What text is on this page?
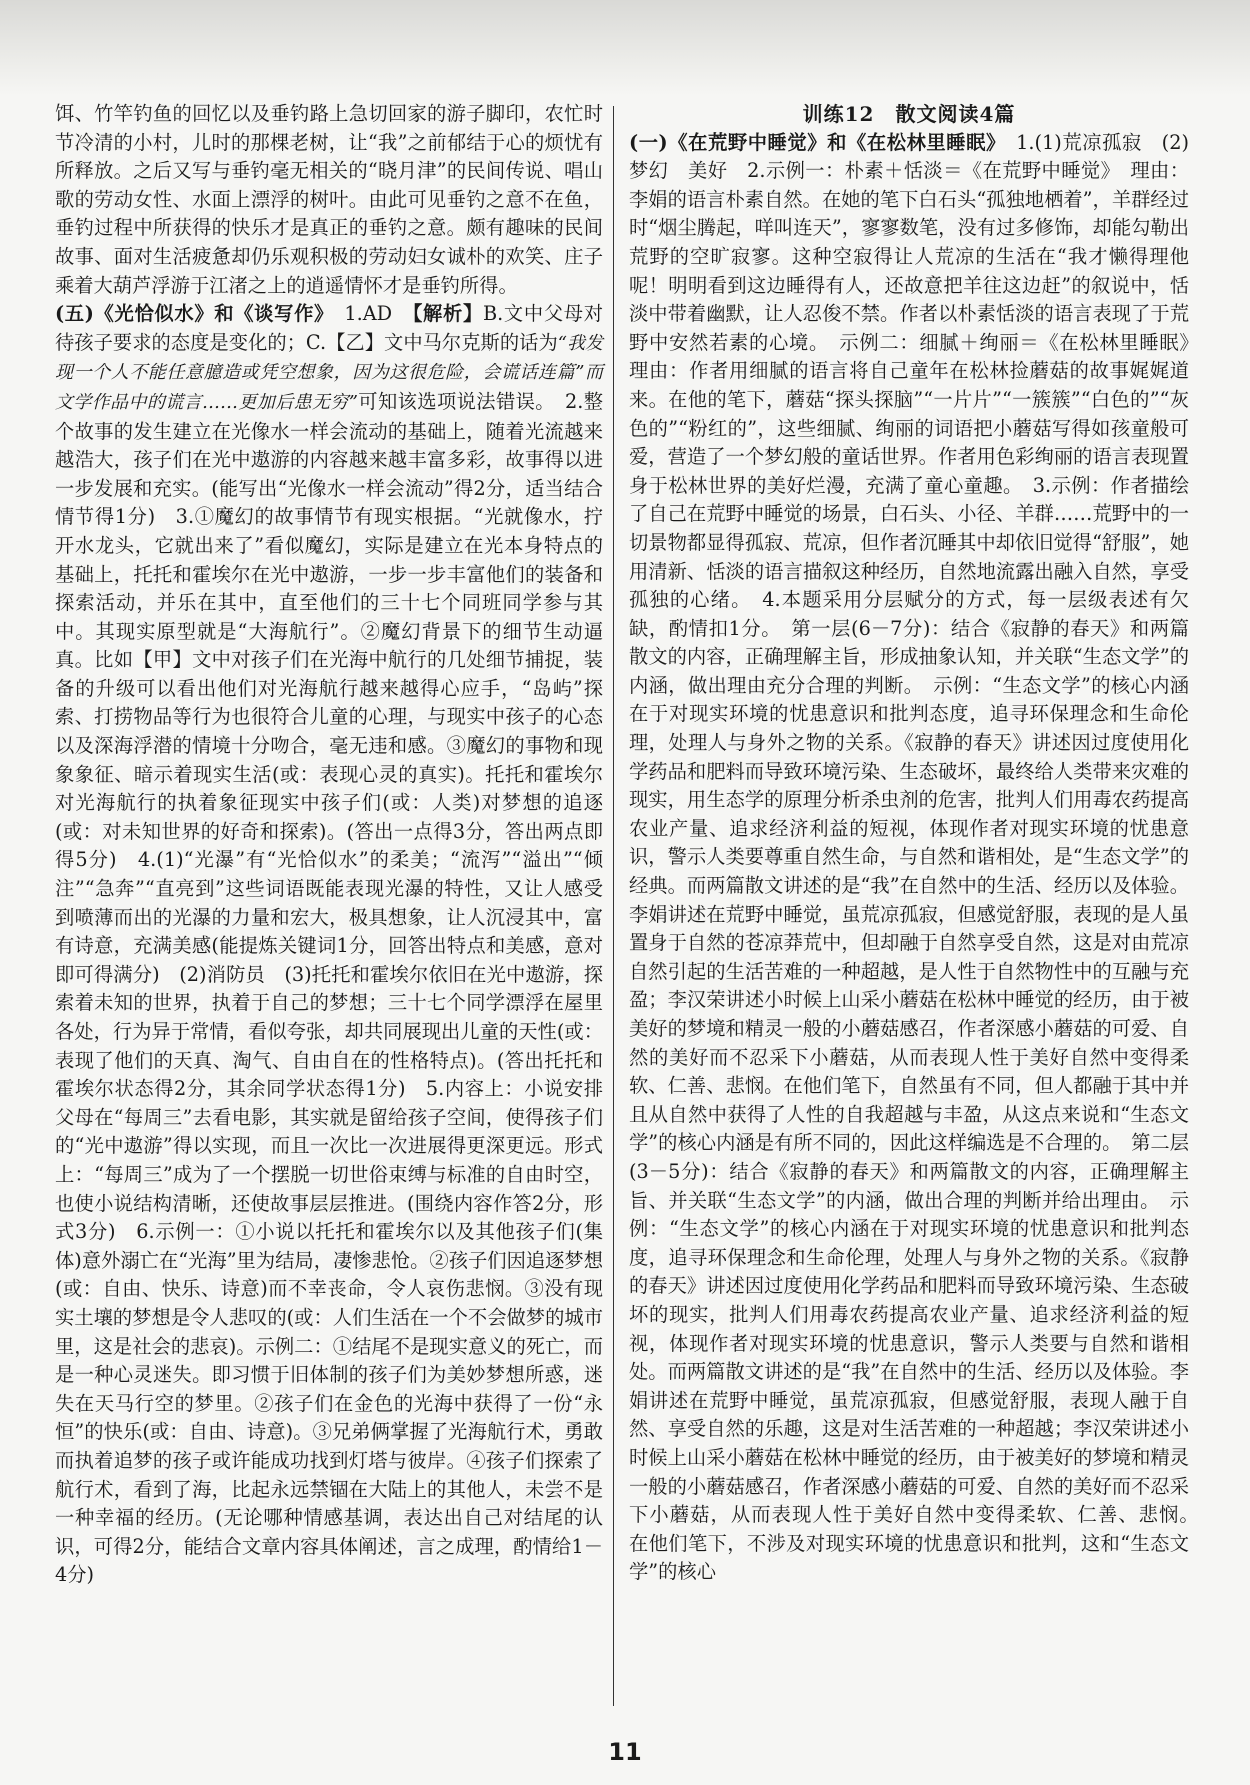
饵、竹竿钓鱼的回忆以及垂钓路上急切回家的游子脚印，农忙时节冷清的小村，儿时的那棵老树，让“我”之前郁结于心的烦忧有所释放。之后又写与垂钓毫无相关的“晓月津”的民间传说、唱山歌的劳动女性、水面上漂浮的树叶。由此可见垂钓之意不在鱼，垂钓过程中所获得的快乐才是真正的垂钓之意。颇有趣味的民间故事、面对生活疲惫却仍乐观积极的劳动妇女诚朴的欢笑、庄子乘着大葫芦浮游于江渚之上的逍遥情怀才是垂钓所得。

(五)《光恰似水》和《谈写作》　1.AD　【解析】B.文中父母对待孩子要求的态度是变化的；C.【乙】文中马尔克斯的话为“我发现一个人不能任意臆造或凭空想象，因为这很危险，会谎话连篇”而文学作品中的谎言……更加后患无穷”可知该选项说法错误。　2.整个故事的发生建立在光像水一样会流动的基础上，随着光流越来越浩大，孩子们在光中遨游的内容越来越丰富多彩，故事得以进一步发展和充实。(能写出“光像水一样会流动”得2分，适当结合情节得1分)　3.①魔幻的故事情节有现实根据。“光就像水，拧开水龙头，它就出来了”看似魔幻，实际是建立在光本身特点的基础上，托托和霍埃尔在光中遨游，一步一步丰富他们的装备和探索活动，并乐在其中，直至他们的三十七个同班同学参与其中。其现实原型就是“大海航行”。②魔幻背景下的细节生动逼真。比如【甲】文中对孩子们在光海中航行的几处细节捕捉，装备的升级可以看出他们对光海航行越来越得心应手，“岛屿”探索、打捞物品等行为也很符合儿童的心理，与现实中孩子的心态以及深海浮潜的情境十分吻合，毫无违和感。③魔幻的事物和现象象征、暗示着现实生活(或：表现心灵的真实)。托托和霍埃尔对光海航行的执着象征现实中孩子们(或：人类)对梦想的追逐(或：对未知世界的好奇和探索)。(答出一点得3分，答出两点即得5分)　4.(1)“光瀑”有“光恰似水”的柔美；“流泻”“溢出”“倾注”“急奔”“直亮到”这些词语既能表现光瀑的特性，又让人感受到喷薄而出的光瀑的力量和宏大，极具想象，让人沉浸其中，富有诗意，充满美感(能提炼关键词1分，回答出特点和美感，意对即可得满分)　(2)消防员　(3)托托和霍埃尔依旧在光中遨游，探索着未知的世界，执着于自己的梦想；三十七个同学漂浮在屋里各处，行为异于常情，看似夸张，却共同展现出儿童的天性(或：表现了他们的天真、淘气、自由自在的性格特点)。(答出托托和霍埃尔状态得2分，其余同学状态得1分)　5.内容上：小说安排父母在“每周三”去看电影，其实就是留给孩子空间，使得孩子们的“光中遨游”得以实现，而且一次比一次进展得更深更远。形式上：“每周三”成为了一个摆脱一切世俗束缚与标准的自由时空，也使小说结构清晰，还使故事层层推进。(围绕内容作答2分，形式3分)　6.示例一：①小说以托托和霍埃尔以及其他孩子们(集体)意外溺亡在“光海”里为结局，凄惨悲怆。②孩子们因追逐梦想(或：自由、快乐、诗意)而不幸丧命，令人哀伤悲悯。③没有现实土壤的梦想是令人悲叹的(或：人们生活在一个不会做梦的城市里，这是社会的悲哀)。示例二：①结尾不是现实意义的死亡，而是一种心灵迷失。即习惯于旧体制的孩子们为美妙梦想所惑，迷失在天马行空的梦里。②孩子们在金色的光海中获得了一份“永恒”的快乐(或：自由、诗意)。③兄弟俩掌握了光海航行术，勇敢而执着追梦的孩子或许能成功找到灯塔与彼岸。④孩子们探索了航行术，看到了海，比起永远禁锢在大陆上的其他人，未尝不是一种幸福的经历。(无论哪种情感基调，表达出自己对结尾的认识，可得2分，能结合文章内容具体阐述，言之成理，酌情给1－4分)

训练12　散文阅读4篇

(一)《在荒野中睡觉》和《在松林里睡眠》　1.(1)荒凉孤寂　(2)梦幻　美好　2.示例一：朴素＋恬淡＝《在荒野中睡觉》　理由：李娟的语言朴素自然。在她的笔下白石头“孤独地栖着”，羊群经过时“烟尘腾起，咩叫连天”，寥寥数笔，没有过多修饰，却能勾勒出荒野的空旷寂寥。这种空寂得让人荒凉的生活在“我才懒得理他呢！明明看到这边睡得有人，还故意把羊往这边赶”的叙说中，恬淡中带着幽默，让人忍俊不禁。作者以朴素恬淡的语言表现了于荒野中安然若素的心境。　示例二：细腻＋绚丽＝《在松林里睡眠》　理由：作者用细腻的语言将自己童年在松林捡蘑菇的故事娓娓道来。在他的笔下，蘑菇“探头探脑”“一片片”“一簇簇”“白色的”“灰色的”“粉红的”，这些细腻、绚丽的词语把小蘑菇写得如孩童般可爱，营造了一个梦幻般的童话世界。作者用色彩绚丽的语言表现置身于松林世界的美好烂漫，充满了童心童趣。　3.示例：作者描绘了自己在荒野中睡觉的场景，白石头、小径、羊群……荒野中的一切景物都显得孤寂、荒凉，但作者沉睡其中却依旧觉得“舒服”，她用清新、恬淡的语言描叙这种经历，自然地流露出融入自然，享受孤独的心绪。　4.本题采用分层赋分的方式，每一层级表述有欠缺，酌情扣1分。　第一层(6－7分)：结合《寂静的春天》和两篇散文的内容，正确理解主旨，形成抽象认知，并关联“生态文学”的内涵，做出理由充分合理的判断。　示例：“生态文学”的核心内涵在于对现实环境的忧患意识和批判态度，追寻环保理念和生命伦理，处理人与身外之物的关系。《寂静的春天》讲述因过度使用化学药品和肥料而导致环境污染、生态破坏，最终给人类带来灾难的现实，用生态学的原理分析杀虫剂的危害，批判人们用毒农药提高农业产量、追求经济利益的短视，体现作者对现实环境的忧患意识，警示人类要尊重自然生命，与自然和谐相处，是“生态文学”的经典。而两篇散文讲述的是“我”在自然中的生活、经历以及体验。李娟讲述在荒野中睡觉，虽荒凉孤寂，但感觉舒服，表现的是人虽置身于自然的苍凉莽荒中，但却融于自然享受自然，这是对由荒凉自然引起的生活苦难的一种超越，是人性于自然物性中的互融与充盈；李汉荣讲述小时候上山采小蘑菇在松林中睡觉的经历，由于被美好的梦境和精灵一般的小蘑菇感召，作者深感小蘑菇的可爱、自然的美好而不忍采下小蘑菇，从而表现人性于美好自然中变得柔软、仁善、悲悯。在他们笔下，自然虽有不同，但人都融于其中并且从自然中获得了人性的自我超越与丰盈，从这点来说和“生态文学”的核心内涵是有所不同的，因此这样编选是不合理的。　第二层(3－5分)：结合《寂静的春天》和两篇散文的内容，正确理解主旨、并关联“生态文学”的内涵，做出合理的判断并给出理由。　示例：“生态文学”的核心内涵在于对现实环境的忧患意识和批判态度，追寻环保理念和生命伦理，处理人与身外之物的关系。《寂静的春天》讲述因过度使用化学药品和肥料而导致环境污染、生态破坏的现实，批判人们用毒农药提高农业产量、追求经济利益的短视，体现作者对现实环境的忧患意识，警示人类要与自然和谐相处。而两篇散文讲述的是“我”在自然中的生活、经历以及体验。李娟讲述在荒野中睡觉，虽荒凉孤寂，但感觉舒服，表现人融于自然、享受自然的乐趣，这是对生活苦难的一种超越；李汉荣讲述小时候上山采小蘑菇在松林中睡觉的经历，由于被美好的梦境和精灵一般的小蘑菇感召，作者深感小蘑菇的可爱、自然的美好而不忍采下小蘑菇，从而表现人性于美好自然中变得柔软、仁善、悲悯。　在他们笔下，不涉及对现实环境的忧患意识和批判，这和“生态文学”的核心

11
